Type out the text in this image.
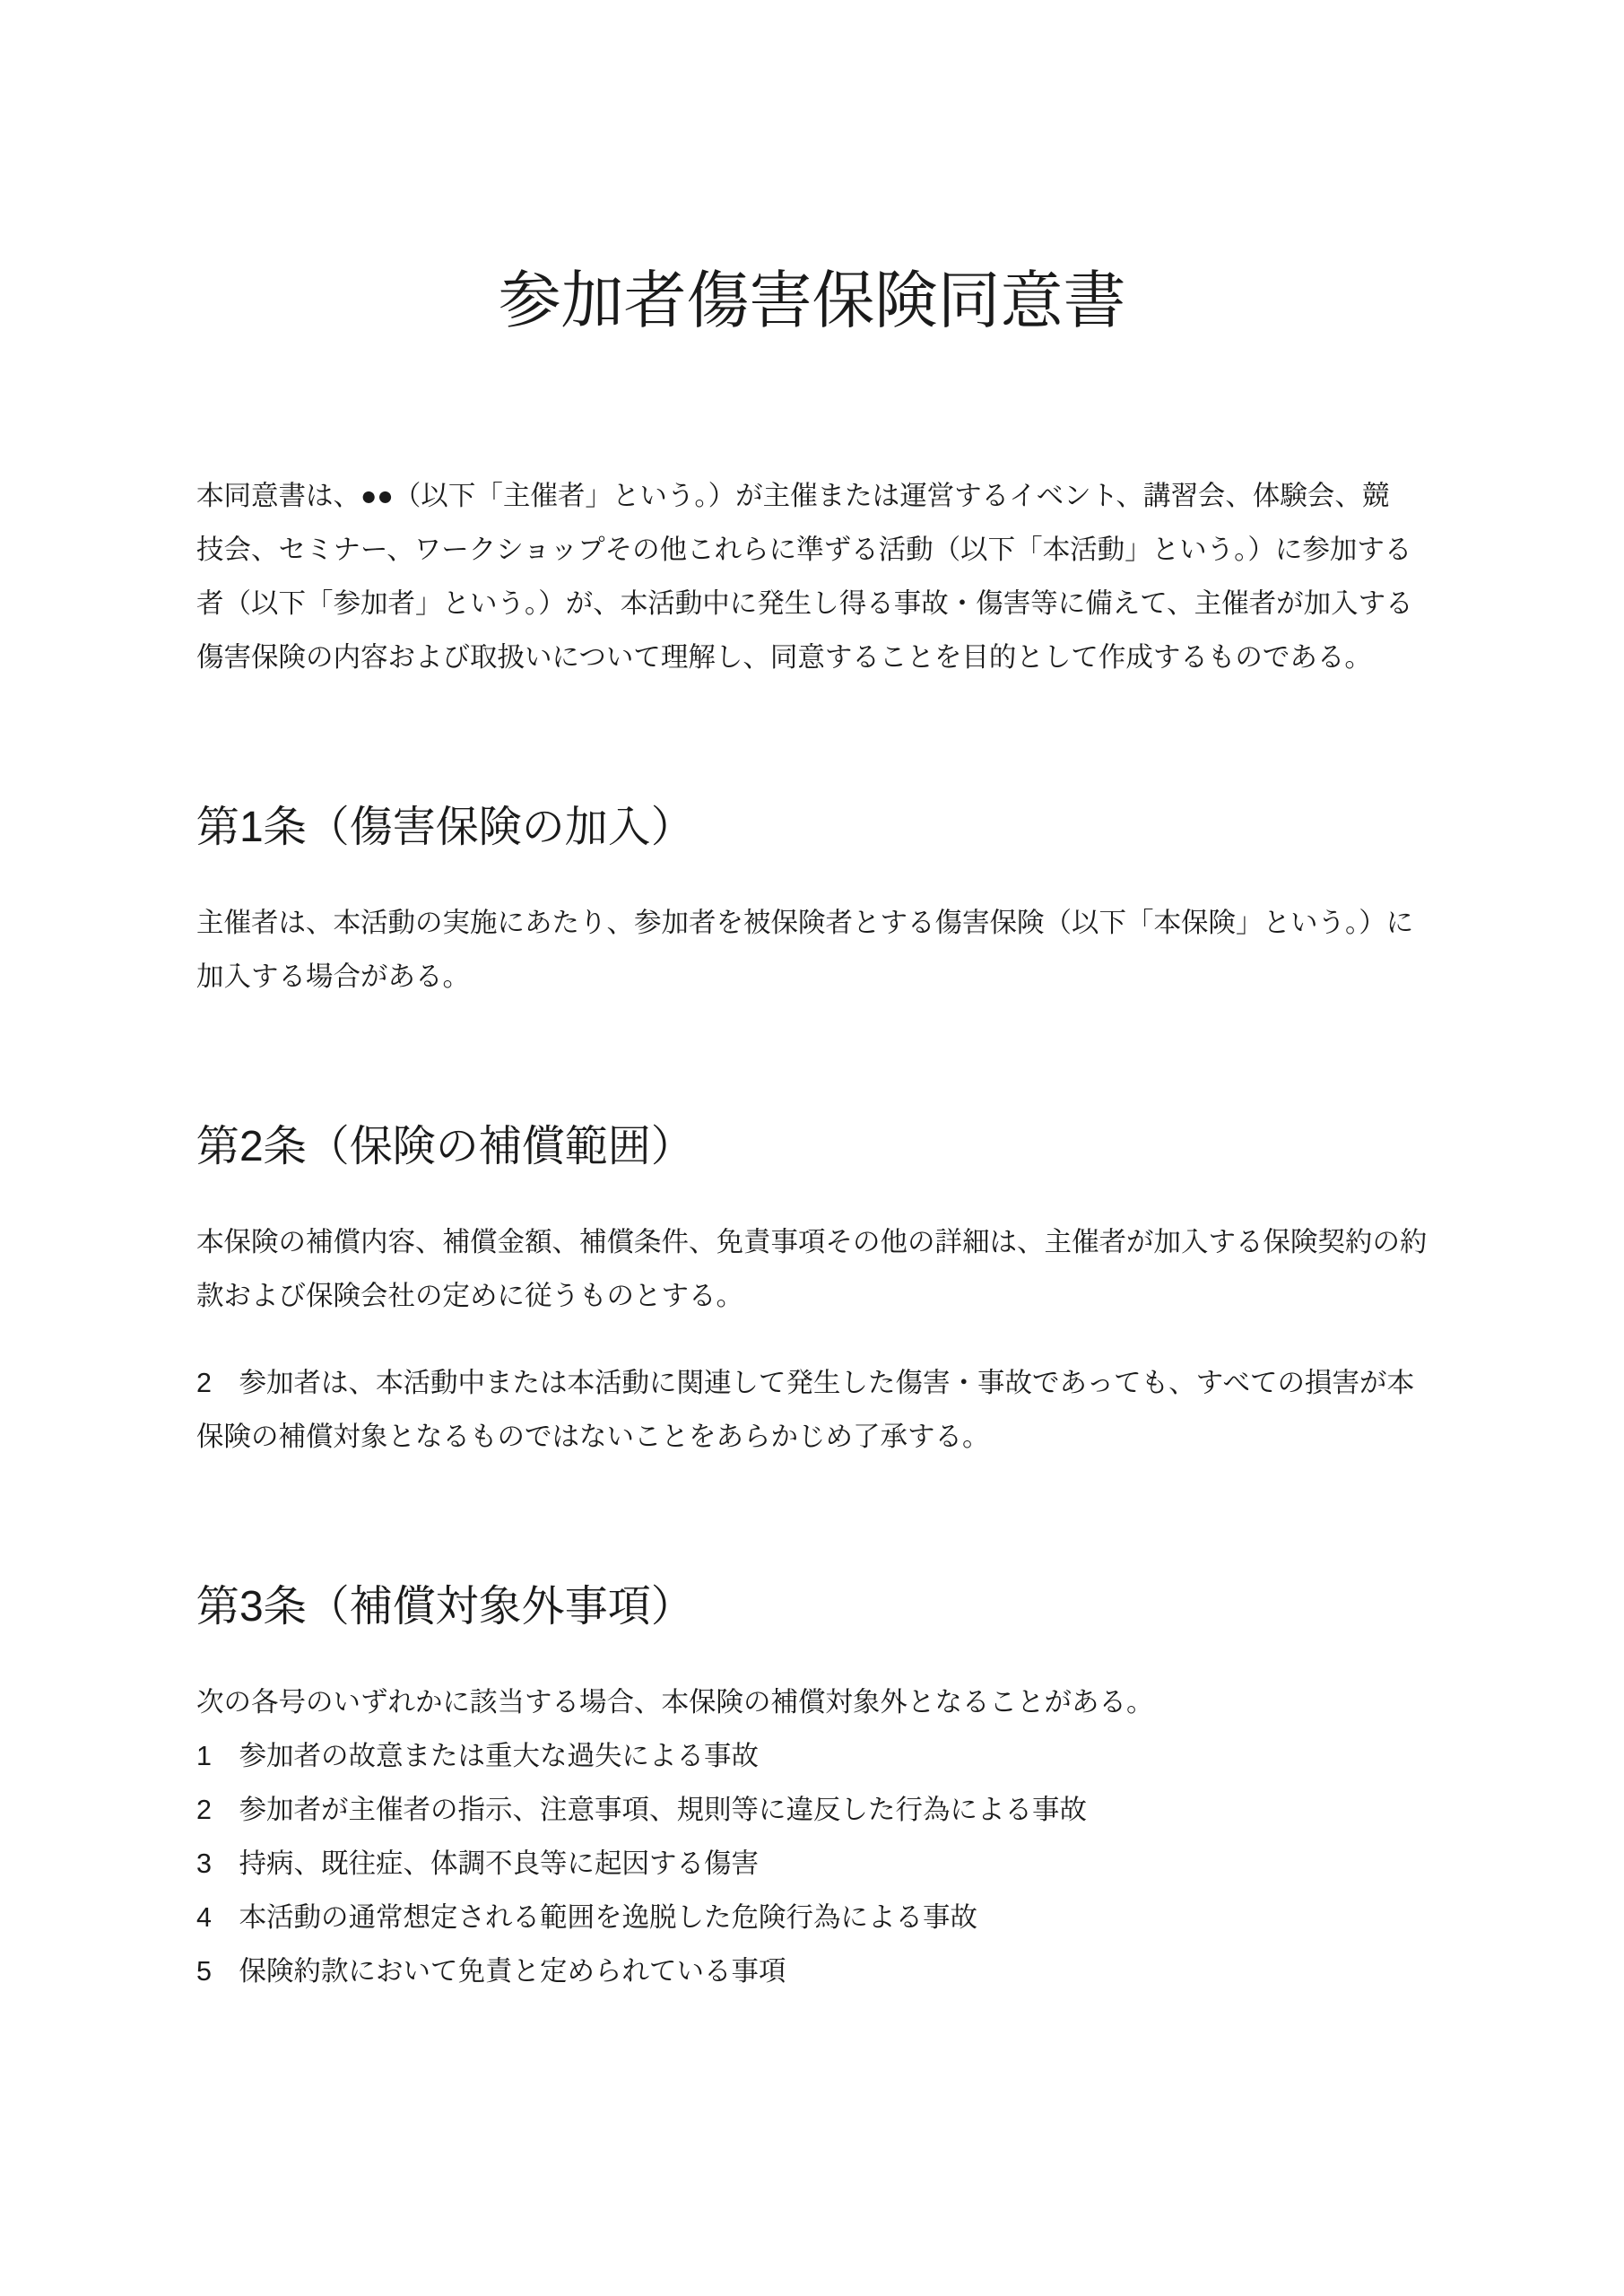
参加者傷害保険同意書
本同意書は、●●（以下「主催者」という。）が主催または運営するイベント、講習会、体験会、競
技会、セミナー、ワークショップその他これらに準ずる活動（以下「本活動」という。）に参加する
者（以下「参加者」という。）が、本活動中に発生し得る事故・傷害等に備えて、主催者が加入する
傷害保険の内容および取扱いについて理解し、同意することを目的として作成するものである。
第1条（傷害保険の加入）
主催者は、本活動の実施にあたり、参加者を被保険者とする傷害保険（以下「本保険」という。）に
加入する場合がある。
第2条（保険の補償範囲）
本保険の補償内容、補償金額、補償条件、免責事項その他の詳細は、主催者が加入する保険契約の約
款および保険会社の定めに従うものとする。
2　参加者は、本活動中または本活動に関連して発生した傷害・事故であっても、すべての損害が本
保険の補償対象となるものではないことをあらかじめ了承する。
第3条（補償対象外事項）
次の各号のいずれかに該当する場合、本保険の補償対象外となることがある。
1　参加者の故意または重大な過失による事故
2　参加者が主催者の指示、注意事項、規則等に違反した行為による事故
3　持病、既往症、体調不良等に起因する傷害
4　本活動の通常想定される範囲を逸脱した危険行為による事故
5　保険約款において免責と定められている事項
